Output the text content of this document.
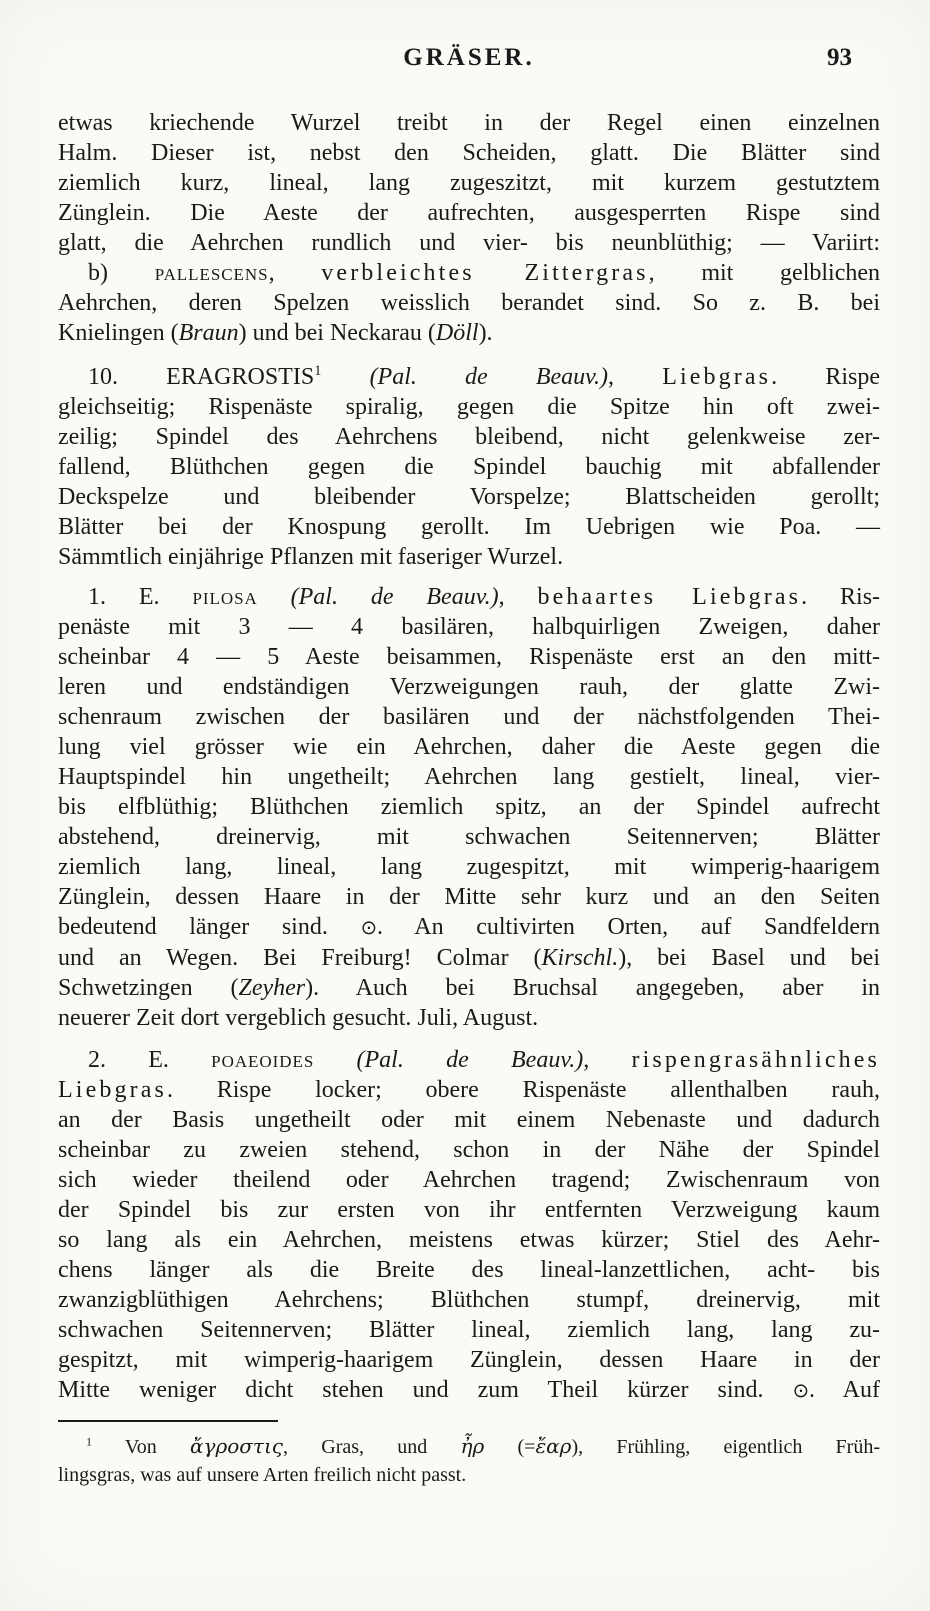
GRÄSER.	93
etwas kriechende Wurzel treibt in der Regel einen einzelnen
Halm. Dieser ist, nebst den Scheiden, glatt. Die Blätter sind
ziemlich kurz, lineal, lang zugeszitzt, mit kurzem gestutztem
Zünglein. Die Aeste der aufrechten, ausgesperrten Rispe sind
glatt, die Aehrchen rundlich und vier- bis neunblüthig; — Variirt:
b) pallescens, verbleichtes Zittergras, mit gelblichen
Aehrchen, deren Spelzen weisslich berandet sind. So z. B. bei
Knielingen (Braun) und bei Neckarau (Döll).
10. ERAGROSTIS$^1$ (Pal. de Beauv.), Liebgras. Rispe
gleichseitig; Rispenäste spiralig, gegen die Spitze hin oft zwei-
zeilig; Spindel des Aehrchens bleibend, nicht gelenkweise zer-
fallend, Blüthchen gegen die Spindel bauchig mit abfallender
Deckspelze und bleibender Vorspelze; Blattscheiden gerollt;
Blätter bei der Knospung gerollt. Im Uebrigen wie Poa. —
Sämmtlich einjährige Pflanzen mit faseriger Wurzel.
1. E. pilosa (Pal. de Beauv.), behaartes Liebgras. Ris-
penäste mit 3 — 4 basilären, halbquirligen Zweigen, daher
scheinbar 4 — 5 Aeste beisammen, Rispenäste erst an den mitt-
leren und endständigen Verzweigungen rauh, der glatte Zwi-
schenraum zwischen der basilären und der nächstfolgenden Thei-
lung viel grösser wie ein Aehrchen, daher die Aeste gegen die
Hauptspindel hin ungetheilt; Aehrchen lang gestielt, lineal, vier-
bis elfblüthig; Blüthchen ziemlich spitz, an der Spindel aufrecht
abstehend, dreinervig, mit schwachen Seitennerven; Blätter
ziemlich lang, lineal, lang zugespitzt, mit wimperig-haarigem
Zünglein, dessen Haare in der Mitte sehr kurz und an den Seiten
bedeutend länger sind. ⊙. An cultivirten Orten, auf Sandfeldern
und an Wegen. Bei Freiburg! Colmar (Kirschl.), bei Basel und bei
Schwetzingen (Zeyher). Auch bei Bruchsal angegeben, aber in
neuerer Zeit dort vergeblich gesucht. Juli, August.
2. E. poaeoides (Pal. de Beauv.), rispengrasähnliches
Liebgras. Rispe locker; obere Rispenäste allenthalben rauh,
an der Basis ungetheilt oder mit einem Nebenaste und dadurch
scheinbar zu zweien stehend, schon in der Nähe der Spindel
sich wieder theilend oder Aehrchen tragend; Zwischenraum von
der Spindel bis zur ersten von ihr entfernten Verzweigung kaum
so lang als ein Aehrchen, meistens etwas kürzer; Stiel des Aehr-
chens länger als die Breite des lineal-lanzettlichen, acht- bis
zwanzigblüthigen Aehrchens; Blüthchen stumpf, dreinervig, mit
schwachen Seitennerven; Blätter lineal, ziemlich lang, lang zu-
gespitzt, mit wimperig-haarigem Zünglein, dessen Haare in der
Mitte weniger dicht stehen und zum Theil kürzer sind. ⊙. Auf
$^1$ Von ἄγροστις, Gras, und ἦρ (=ἔαρ), Frühling, eigentlich Früh-
lingsgras, was auf unsere Arten freilich nicht passt.
